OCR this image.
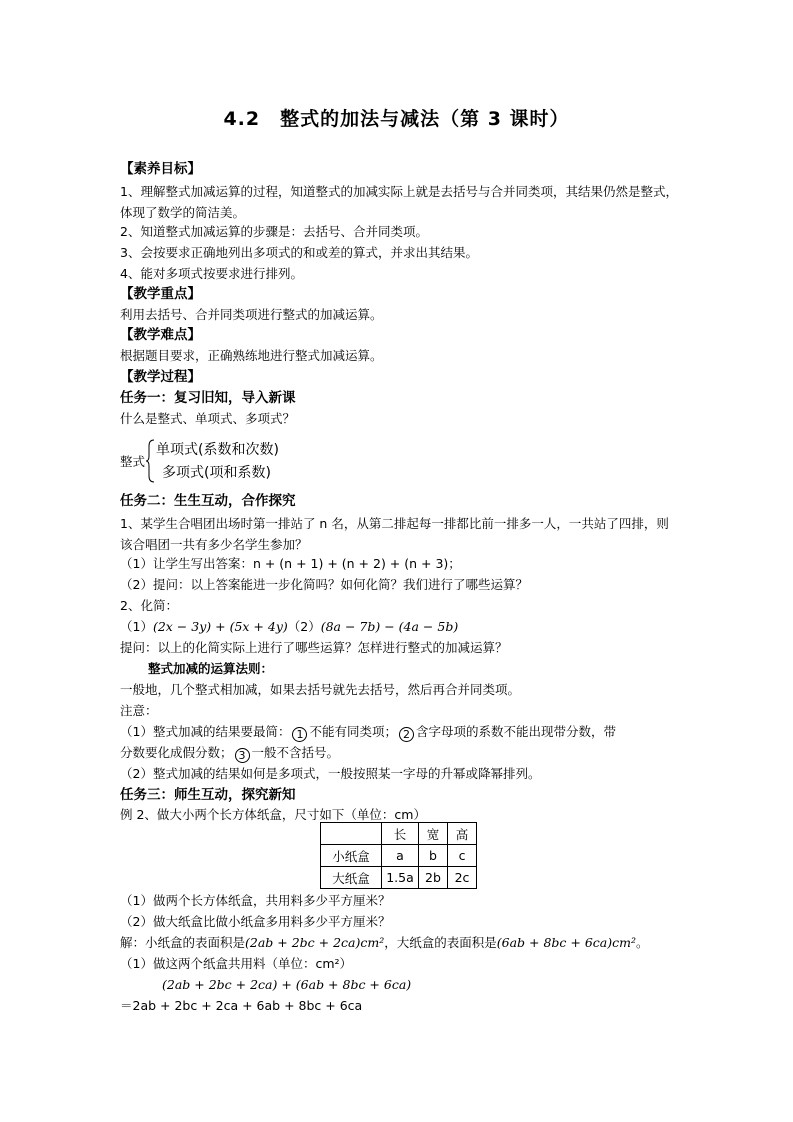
4.2　整式的加法与减法（第 3 课时）
【素养目标】
1、理解整式加减运算的过程，知道整式的加减实际上就是去括号与合并同类项，其结果仍然是整式，体现了数学的简洁美。
2、知道整式加减运算的步骤是：去括号、合并同类项。
3、会按要求正确地列出多项式的和或差的算式，并求出其结果。
4、能对多项式按要求进行排列。
【教学重点】
利用去括号、合并同类项进行整式的加减运算。
【教学难点】
根据题目要求，正确熟练地进行整式加减运算。
【教学过程】
任务一：复习旧知，导入新课
什么是整式、单项式、多项式？
整式
单项式(系数和次数)
多项式(项和系数)
任务二：生生互动，合作探究
1、某学生合唱团出场时第一排站了 n 名，从第二排起每一排都比前一排多一人，一共站了四排，则该合唱团一共有多少名学生参加？
（1）让学生写出答案：n + (n + 1) + (n + 2) + (n + 3)；
（2）提问：以上答案能进一步化简吗？如何化简？我们进行了哪些运算？
2、化简：
（1）(2x − 3y) + (5x + 4y)（2）(8a − 7b) − (4a − 5b)
提问：以上的化简实际上进行了哪些运算？怎样进行整式的加减运算？
整式加减的运算法则：
一般地，几个整式相加减，如果去括号就先去括号，然后再合并同类项。
注意：
（1）整式加减的结果要最简： 1 不能有同类项； 2 含字母项的系数不能出现带分数，带
分数要化成假分数； 3 一般不含括号。
（2）整式加减的结果如何是多项式，一般按照某一字母的升幂或降幂排列。
任务三：师生互动，探究新知
例 2、做大小两个长方体纸盒，尺寸如下（单位：cm）
	长	宽	高
小纸盒	a	b	c
大纸盒	1.5a	2b	2c
（1）做两个长方体纸盒，共用料多少平方厘米？
（2）做大纸盒比做小纸盒多用料多少平方厘米？
解：小纸盒的表面积是(2ab + 2bc + 2ca)cm²，大纸盒的表面积是(6ab + 8bc + 6ca)cm²。
（1）做这两个纸盒共用料（单位：cm²）
(2ab + 2bc + 2ca) + (6ab + 8bc + 6ca)
＝2ab + 2bc + 2ca + 6ab + 8bc + 6ca
